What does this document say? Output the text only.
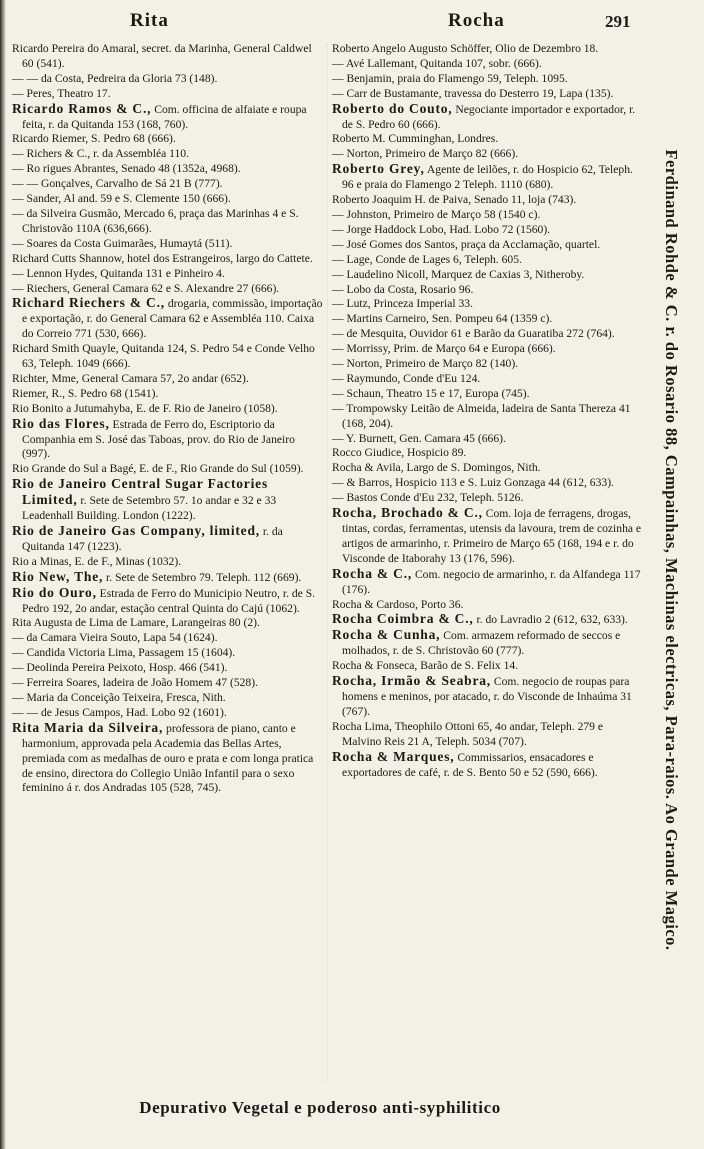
Rita	Rocha	291

Ricardo Pereira do Amaral, secret. da Marinha, General Caldwel 60 (541).

— — da Costa, Pedreira da Gloria 73 (148).

— Peres, Theatro 17.

Ricardo Ramos & C., Com. officina de alfaiate e roupa feita, r. da Quitanda 153 (168, 760).

Ricardo Riemer, S. Pedro 68 (666).

— Richers & C., r. da Assembléa 110.

— Ro rigues Abrantes, Senado 48 (1352a, 4968).

— — Gonçalves, Carvalho de Sá 21 B (777).

— Sander, Al and. 59 e S. Clemente 150 (666).

— da Silveira Gusmão, Mercado 6, praça das Marinhas 4 e S. Christovão 110A (636,666).

— Soares da Costa Guimarães, Humaytá (511).

Richard Cutts Shannow, hotel dos Estrangeiros, largo do Cattete.

— Lennon Hydes, Quitanda 131 e Pinheiro 4.

— Riechers, General Camara 62 e S. Alexandre 27 (666).

Richard Riechers & C., drogaria, commissão, importação e exportação, r. do General Camara 62 e Assembléa 110. Caixa do Correio 771 (530, 666).

Richard Smith Quayle, Quitanda 124, S. Pedro 54 e Conde Velho 63, Teleph. 1049 (666).

Richter, Mme, General Camara 57, 2o andar (652).

Riemer, R., S. Pedro 68 (1541).

Rio Bonito a Jutumahyba, E. de F. Rio de Janeiro (1058).

Rio das Flores, Estrada de Ferro do, Escriptorio da Companhia em S. José das Taboas, prov. do Rio de Janeiro (997).

Rio Grande do Sul a Bagé, E. de F., Rio Grande do Sul (1059).

Rio de Janeiro Central Sugar Factories Limited, r. Sete de Setembro 57. 1o andar e 32 e 33 Leadenhall Building. London (1222).

Rio de Janeiro Gas Company, limited, r. da Quitanda 147 (1223).

Rio a Minas, E. de F., Minas (1032).

Rio New, The, r. Sete de Setembro 79. Teleph. 112 (669).

Rio do Ouro, Estrada de Ferro do Municipio Neutro, r. de S. Pedro 192, 2o andar, estação central Quinta do Cajú (1062).

Rita Augusta de Lima de Lamare, Larangeiras 80 (2).

— da Camara Vieira Souto, Lapa 54 (1624).

— Candida Victoria Lima, Passagem 15 (1604).

— Deolinda Pereira Peixoto, Hosp. 466 (541).

— Ferreira Soares, ladeira de João Homem 47 (528).

— Maria da Conceição Teixeira, Fresca, Nith.

— — de Jesus Campos, Had. Lobo 92 (1601).

Rita Maria da Silveira, professora de piano, canto e harmonium, approvada pela Academia das Bellas Artes, premiada com as medalhas de ouro e prata e com longa pratica de ensino, directora do Collegio União Infantil para o sexo feminino á r. dos Andradas 105 (528, 745).

Roberto Angelo Augusto Schöffer, Olio de Dezembro 18.

— Avé Lallemant, Quitanda 107, sobr. (666).

— Benjamin, praia do Flamengo 59, Teleph. 1095.

— Carr de Bustamante, travessa do Desterro 19, Lapa (135).

Roberto do Couto, Negociante importador e exportador, r. de S. Pedro 60 (666).

Roberto M. Cumminghan, Londres.

— Norton, Primeiro de Março 82 (666).

Roberto Grey, Agente de leilões, r. do Hospicio 62, Teleph. 96 e praia do Flamengo 2 Teleph. 1110 (680).

Roberto Joaquim H. de Paiva, Senado 11, loja (743).

— Johnston, Primeiro de Março 58 (1540 c).

— Jorge Haddock Lobo, Had. Lobo 72 (1560).

— José Gomes dos Santos, praça da Acclamação, quartel.

— Lage, Conde de Lages 6, Teleph. 605.

— Laudelino Nicoll, Marquez de Caxias 3, Nitheroby.

— Lobo da Costa, Rosario 96.

— Lutz, Princeza Imperial 33.

— Martins Carneiro, Sen. Pompeu 64 (1359 c).

— de Mesquita, Ouvidor 61 e Barão da Guaratiba 272 (764).

— Morrissy, Prim. de Março 64 e Europa (666).

— Norton, Primeiro de Março 82 (140).

— Raymundo, Conde d'Eu 124.

— Schaun, Theatro 15 e 17, Europa (745).

— Trompowsky Leitão de Almeida, ladeira de Santa Thereza 41 (168, 204).

— Y. Burnett, Gen. Camara 45 (666).

Rocco Giudice, Hospicio 89.

Rocha & Avila, Largo de S. Domingos, Nith.

— & Barros, Hospicio 113 e S. Luiz Gonzaga 44 (612, 633).

— Bastos Conde d'Eu 232, Teleph. 5126.

Rocha, Brochado & C., Com. loja de ferragens, drogas, tintas, cordas, ferramentas, utensis da lavoura, trem de cozinha e artigos de armarinho, r. Primeiro de Março 65 (168, 194 e r. do Visconde de Itaborahy 13 (176, 596).

Rocha & C., Com. negocio de armarinho, r. da Alfandega 117 (176).

Rocha & Cardoso, Porto 36.

Rocha Coimbra & C., r. do Lavradio 2 (612, 632, 633).

Rocha & Cunha, Com. armazem reformado de seccos e molhados, r. de S. Christovão 60 (777).

Rocha & Fonseca, Barão de S. Felix 14.

Rocha, Irmão & Seabra, Com. negocio de roupas para homens e meninos, por atacado, r. do Visconde de Inhaúma 31 (767).

Rocha Lima, Theophilo Ottoni 65, 4o andar, Teleph. 279 e Malvino Reis 21 A, Teleph. 5034 (707).

Rocha & Marques, Commissarios, ensacadores e exportadores de café, r. de S. Bento 50 e 52 (590, 666).	Ferdinand Rohde & C. r. do Rosario 88, Campainhas, Machinas electricas, Para-raios. Ao Grande Magico.
Depurativo Vegetal e poderoso anti-syphilitico
